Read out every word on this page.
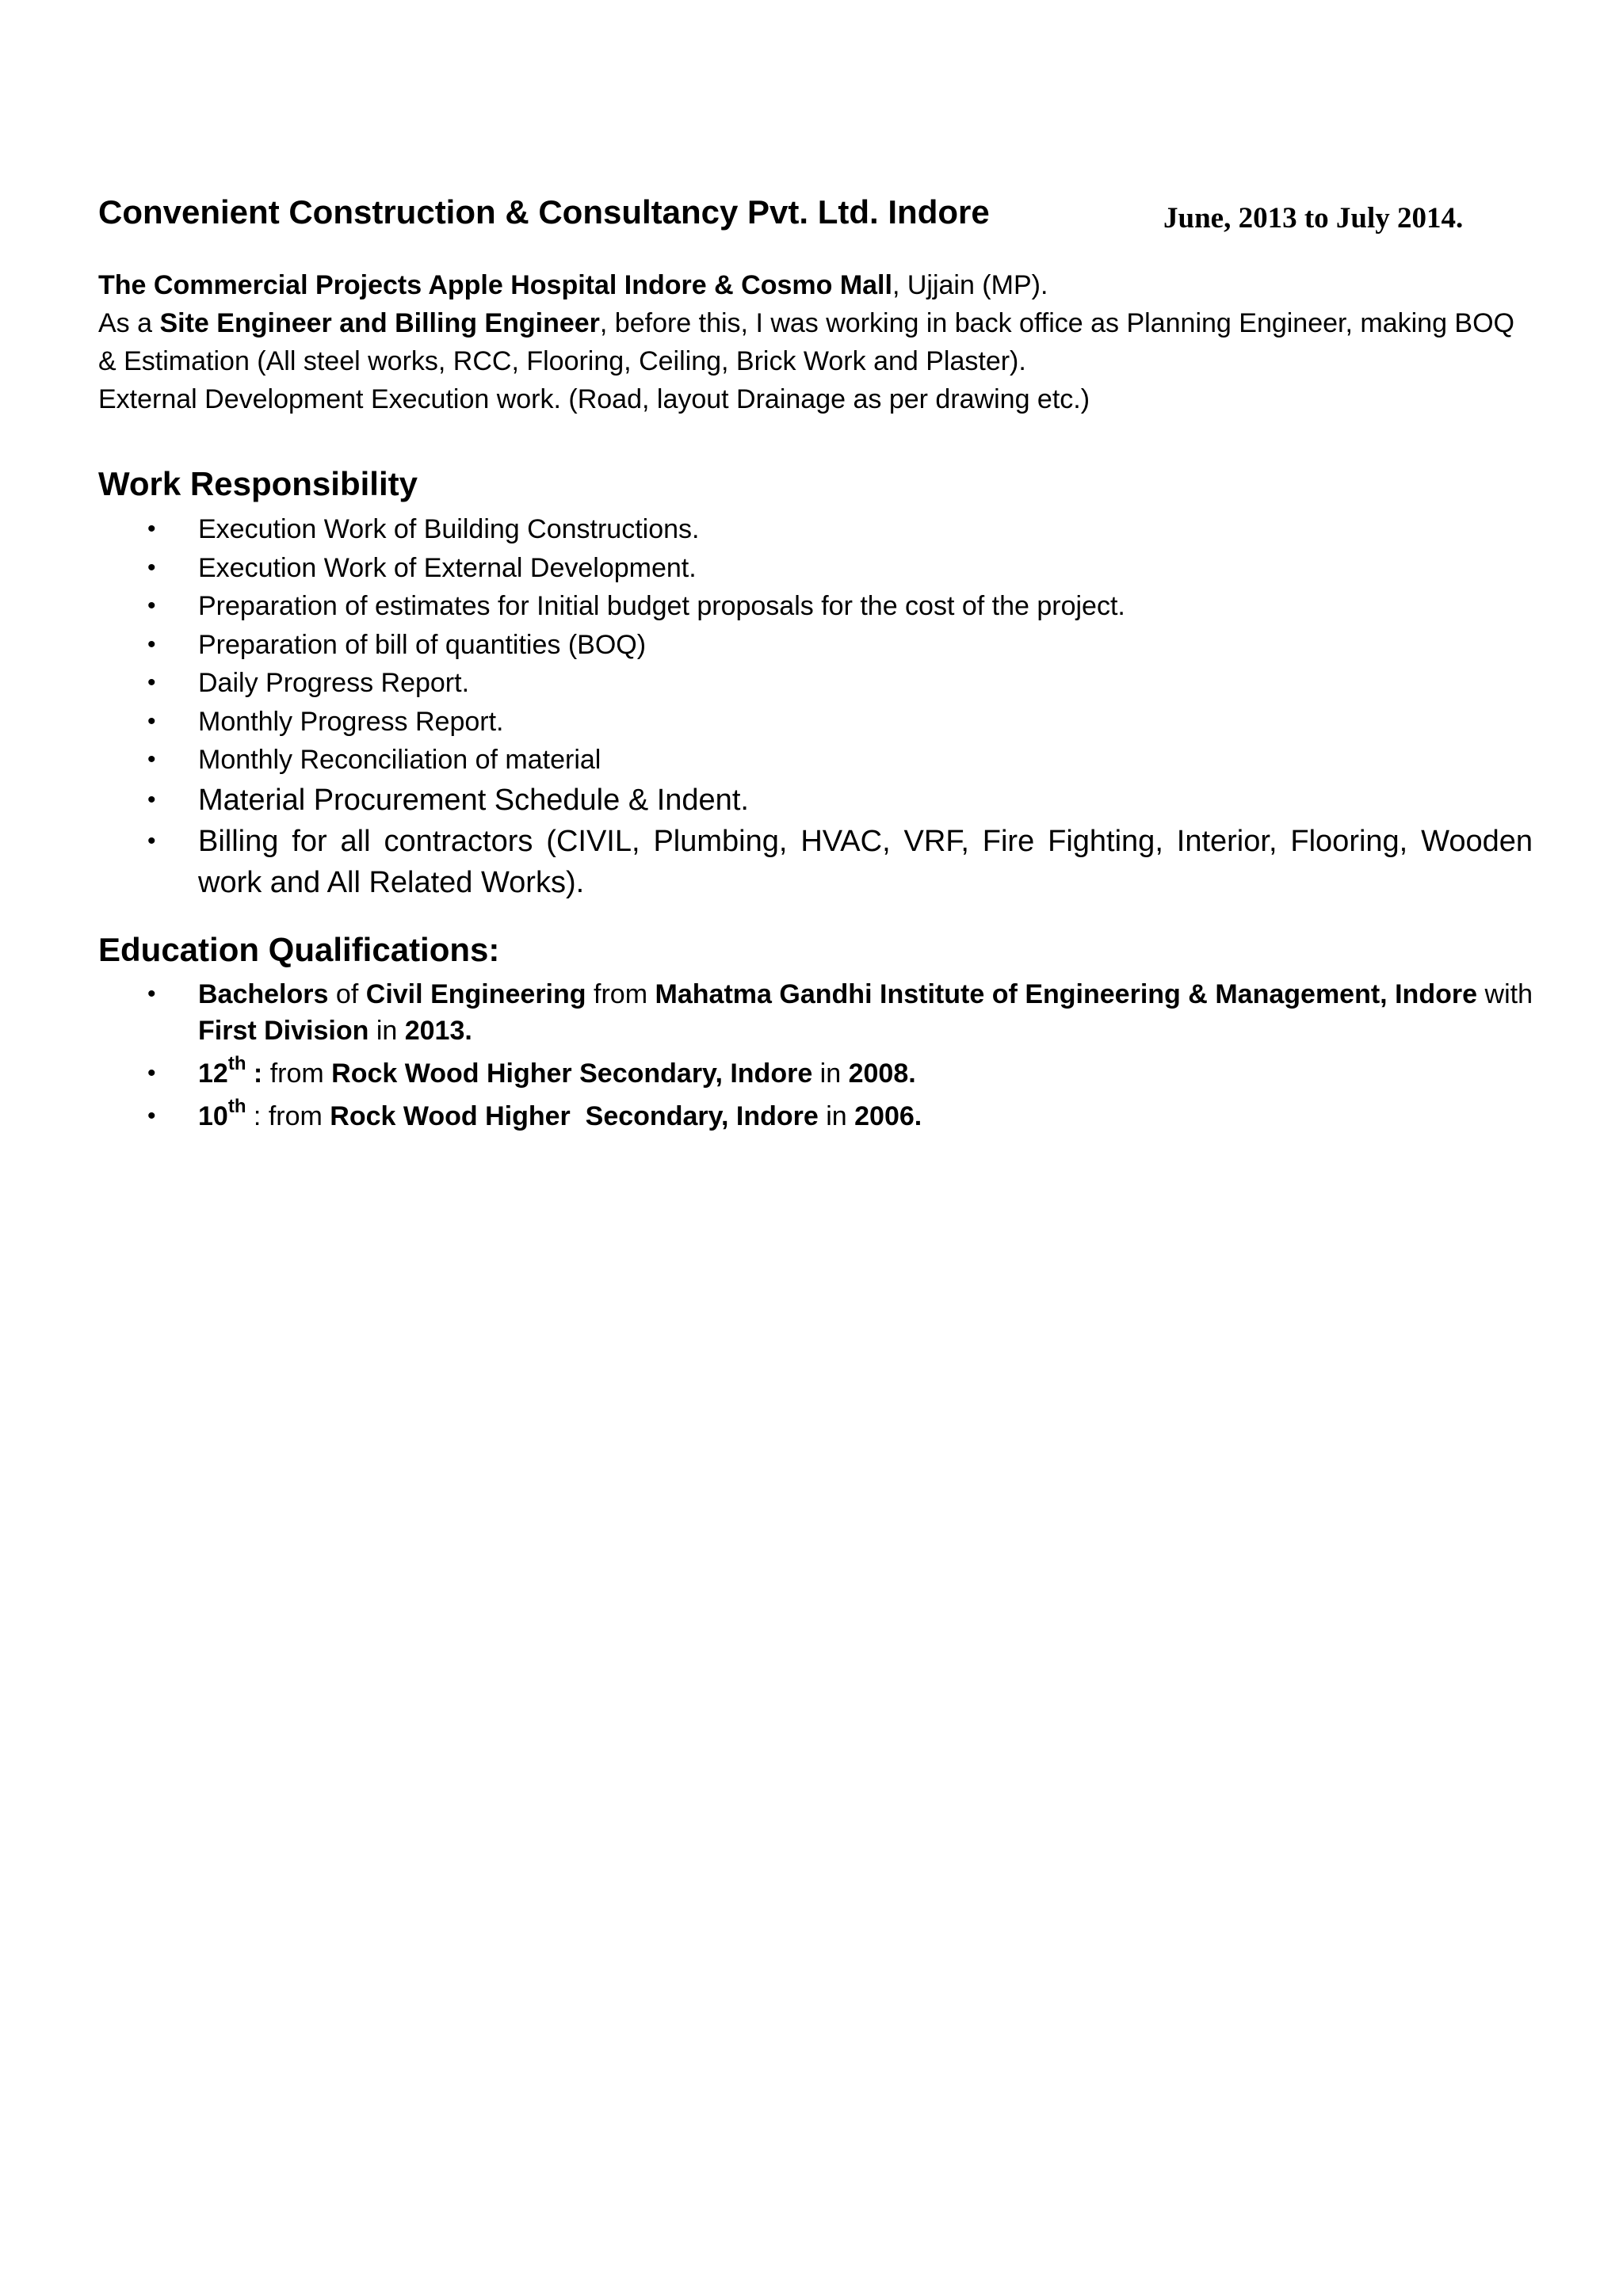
Convenient Construction & Consultancy Pvt. Ltd. Indore	June, 2013 to July 2014.

The Commercial Projects Apple Hospital Indore & Cosmo Mall, Ujjain (MP).

As a Site Engineer and Billing Engineer, before this, I was working in back office as Planning Engineer, making BOQ & Estimation (All steel works, RCC, Flooring, Ceiling, Brick Work and Plaster).

External Development Execution work. (Road, layout Drainage as per drawing etc.)

Work Responsibility
• Execution Work of Building Constructions.
• Execution Work of External Development.
• Preparation of estimates for Initial budget proposals for the cost of the project.
• Preparation of bill of quantities (BOQ)
• Daily Progress Report.
• Monthly Progress Report.
• Monthly Reconciliation of material
• Material Procurement Schedule & Indent.
• Billing for all contractors (CIVIL, Plumbing, HVAC, VRF, Fire Fighting, Interior, Flooring, Wooden work and All Related Works).
Education Qualifications:
• Bachelors of Civil Engineering from Mahatma Gandhi Institute of Engineering & Management, Indore with First Division in 2013.
• 12th : from Rock Wood Higher Secondary, Indore in 2008.
• 10th : from Rock Wood Higher  Secondary, Indore in 2006.
